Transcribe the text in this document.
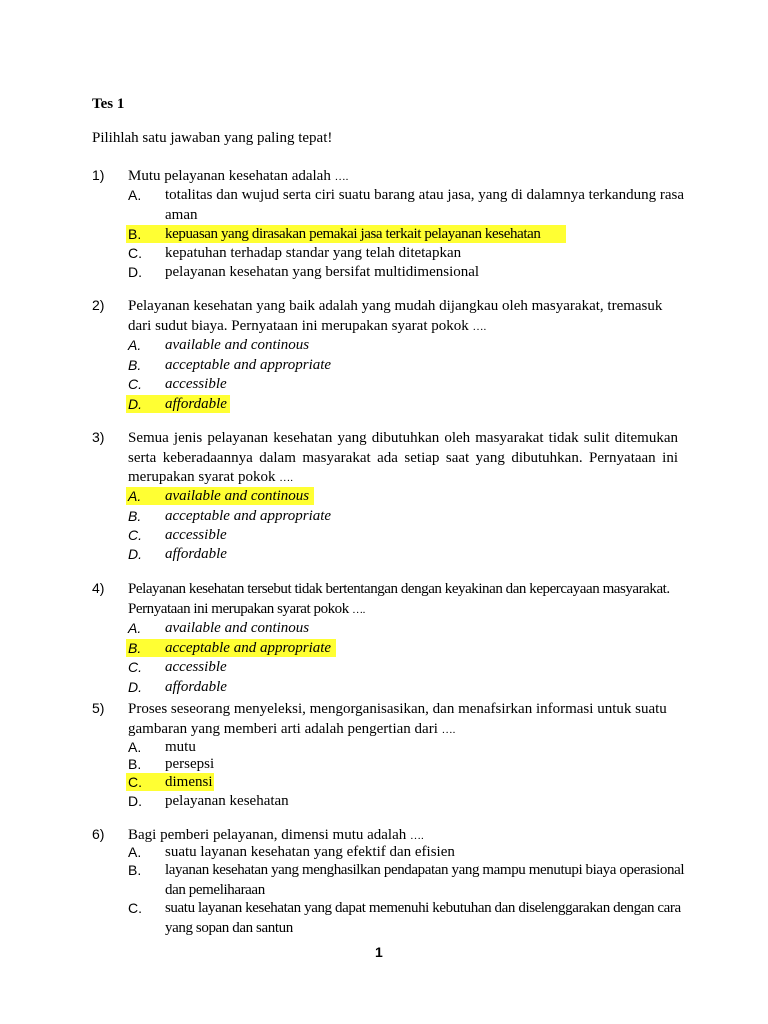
Tes 1
Pilihlah satu jawaban yang paling tepat!
1) Mutu pelayanan kesehatan adalah ….
A. totalitas dan wujud serta ciri suatu barang atau jasa, yang di dalamnya terkandung rasa aman
B. kepuasan yang dirasakan pemakai jasa terkait pelayanan kesehatan
C. kepatuhan terhadap standar yang telah ditetapkan
D. pelayanan kesehatan yang bersifat multidimensional
2) Pelayanan kesehatan yang baik adalah yang mudah dijangkau oleh masyarakat, tremasuk dari sudut biaya. Pernyataan ini merupakan syarat pokok ….
A. available and continous
B. acceptable and appropriate
C. accessible
D. affordable
3) Semua jenis pelayanan kesehatan yang dibutuhkan oleh masyarakat tidak sulit ditemukan serta keberadaannya dalam masyarakat ada setiap saat yang dibutuhkan. Pernyataan ini merupakan syarat pokok ….
A. available and continous
B. acceptable and appropriate
C. accessible
D. affordable
4) Pelayanan kesehatan tersebut tidak bertentangan dengan keyakinan dan kepercayaan masyarakat. Pernyataan ini merupakan syarat pokok ….
A. available and continous
B. acceptable and appropriate
C. accessible
D. affordable
5) Proses seseorang menyeleksi, mengorganisasikan, dan menafsirkan informasi untuk suatu gambaran yang memberi arti adalah pengertian dari ….
A. mutu
B. persepsi
C. dimensi
D. pelayanan kesehatan
6) Bagi pemberi pelayanan, dimensi mutu adalah ….
A. suatu layanan kesehatan yang efektif dan efisien
B. layanan kesehatan yang menghasilkan pendapatan yang mampu menutupi biaya operasional dan pemeliharaan
C. suatu layanan kesehatan yang dapat memenuhi kebutuhan dan diselenggarakan dengan cara yang sopan dan santun
1
